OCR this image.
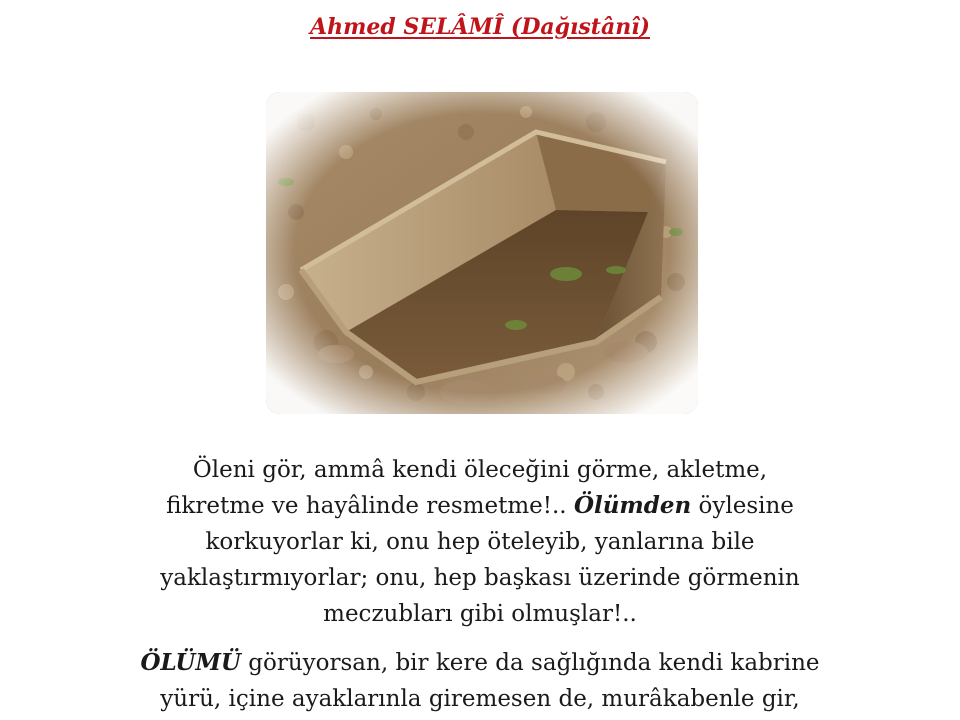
Ahmed SELÂMÎ (Dağıstânî)
Öleni gör, ammâ kendi öleceğini görme, akletme,
fikretme ve hayâlinde resmetme!.. Ölümden öylesine
korkuyorlar ki, onu hep öteleyib, yanlarına bile
yaklaştırmıyorlar; onu, hep başkası üzerinde görmenin
meczubları gibi olmuşlar!..
ÖLÜMÜ görüyorsan, bir kere da sağlığında kendi kabrine
yürü, içine ayaklarınla giremesen de, murâkabenle gir,
